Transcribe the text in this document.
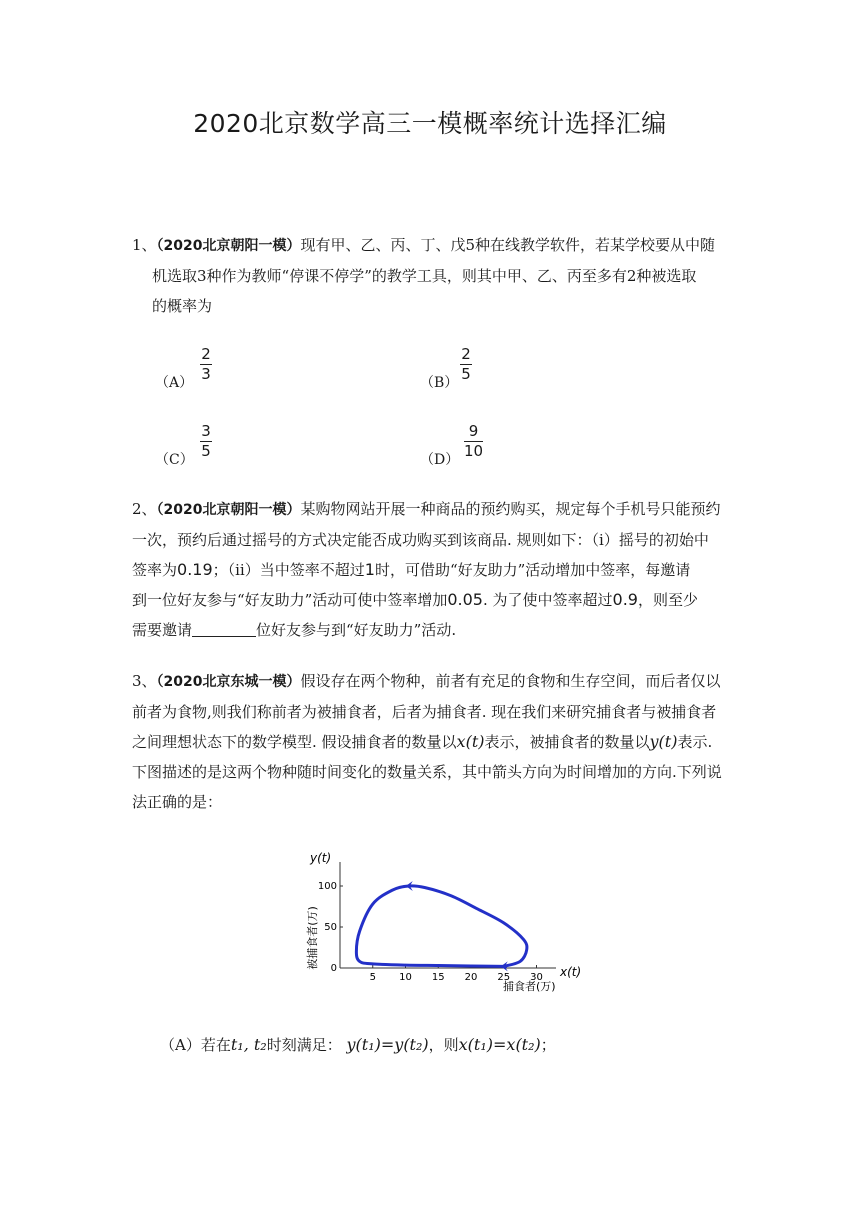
2020北京数学高三一模概率统计选择汇编

1、（2020北京朝阳一模）现有甲、乙、丙、丁、戊5种在线教学软件，若某学校要从中随
机选取3种作为教师“停课不停学”的教学工具，则其中甲、乙、丙至多有2种被选取
的概率为

（A）
2
3	（B）
2
5
（C）
3
5	（D）
9
10

2、（2020北京朝阳一模）某购物网站开展一种商品的预约购买，规定每个手机号只能预约
一次，预约后通过摇号的方式决定能否成功购买到该商品. 规则如下：（ⅰ）摇号的初始中
签率为0.19；（ⅱ）当中签率不超过1时，可借助“好友助力”活动增加中签率，每邀请
到一位好友参与“好友助力”活动可使中签率增加0.05. 为了使中签率超过0.9，则至少
需要邀请	位好友参与到“好友助力”活动.

3、（2020北京东城一模）假设存在两个物种，前者有充足的食物和生存空间，而后者仅以
前者为食物,则我们称前者为被捕食者，后者为捕食者. 现在我们来研究捕食者与被捕食者
之间理想状态下的数学模型. 假设捕食者的数量以x(t)表示，被捕食者的数量以y(t)表示.
下图描述的是这两个物种随时间变化的数量关系，其中箭头方向为时间增加的方向.下列说
法正确的是：

y(t)
被捕食者(万)
x(t)
捕食者(万)
5 10 15 20 25 30
0
50
100
（A）若在t₁, t₂时刻满足： y(t₁)=y(t₂)，则x(t₁)=x(t₂)；
